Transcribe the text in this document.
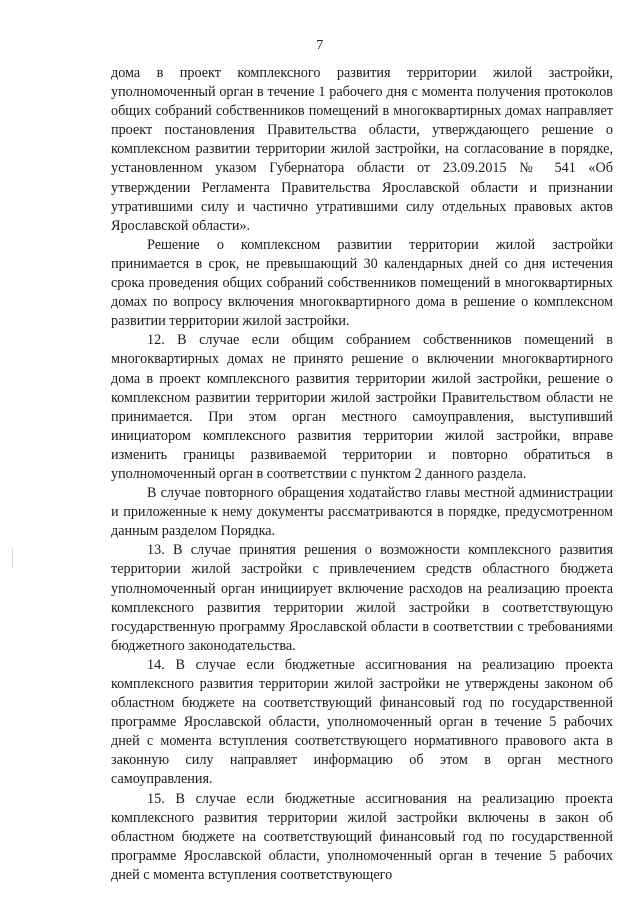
7

дома в проект комплексного развития территории жилой застройки, уполномоченный орган в течение 1 рабочего дня с момента получения протоколов общих собраний собственников помещений в многоквартирных домах направляет проект постановления Правительства области, утверждающего решение о комплексном развитии территории жилой застройки, на согласование в порядке, установленном указом Губернатора области от 23.09.2015 № 541 «Об утверждении Регламента Правительства Ярославской области и признании утратившими силу и частично утратившими силу отдельных правовых актов Ярославской области».

Решение о комплексном развитии территории жилой застройки принимается в срок, не превышающий 30 календарных дней со дня истечения срока проведения общих собраний собственников помещений в многоквартирных домах по вопросу включения многоквартирного дома в решение о комплексном развитии территории жилой застройки.

12. В случае если общим собранием собственников помещений в многоквартирных домах не принято решение о включении многоквартирного дома в проект комплексного развития территории жилой застройки, решение о комплексном развитии территории жилой застройки Правительством области не принимается. При этом орган местного самоуправления, выступивший инициатором комплексного развития территории жилой застройки, вправе изменить границы развиваемой территории и повторно обратиться в уполномоченный орган в соответствии с пунктом 2 данного раздела.

В случае повторного обращения ходатайство главы местной администрации и приложенные к нему документы рассматриваются в порядке, предусмотренном данным разделом Порядка.

13. В случае принятия решения о возможности комплексного развития территории жилой застройки с привлечением средств областного бюджета уполномоченный орган инициирует включение расходов на реализацию проекта комплексного развития территории жилой застройки в соответствующую государственную программу Ярославской области в соответствии с требованиями бюджетного законодательства.

14. В случае если бюджетные ассигнования на реализацию проекта комплексного развития территории жилой застройки не утверждены законом об областном бюджете на соответствующий финансовый год по государственной программе Ярославской области, уполномоченный орган в течение 5 рабочих дней с момента вступления соответствующего нормативного правового акта в законную силу направляет информацию об этом в орган местного самоуправления.

15. В случае если бюджетные ассигнования на реализацию проекта комплексного развития территории жилой застройки включены в закон об областном бюджете на соответствующий финансовый год по государственной программе Ярославской области, уполномоченный орган в течение 5 рабочих дней с момента вступления соответствующего
